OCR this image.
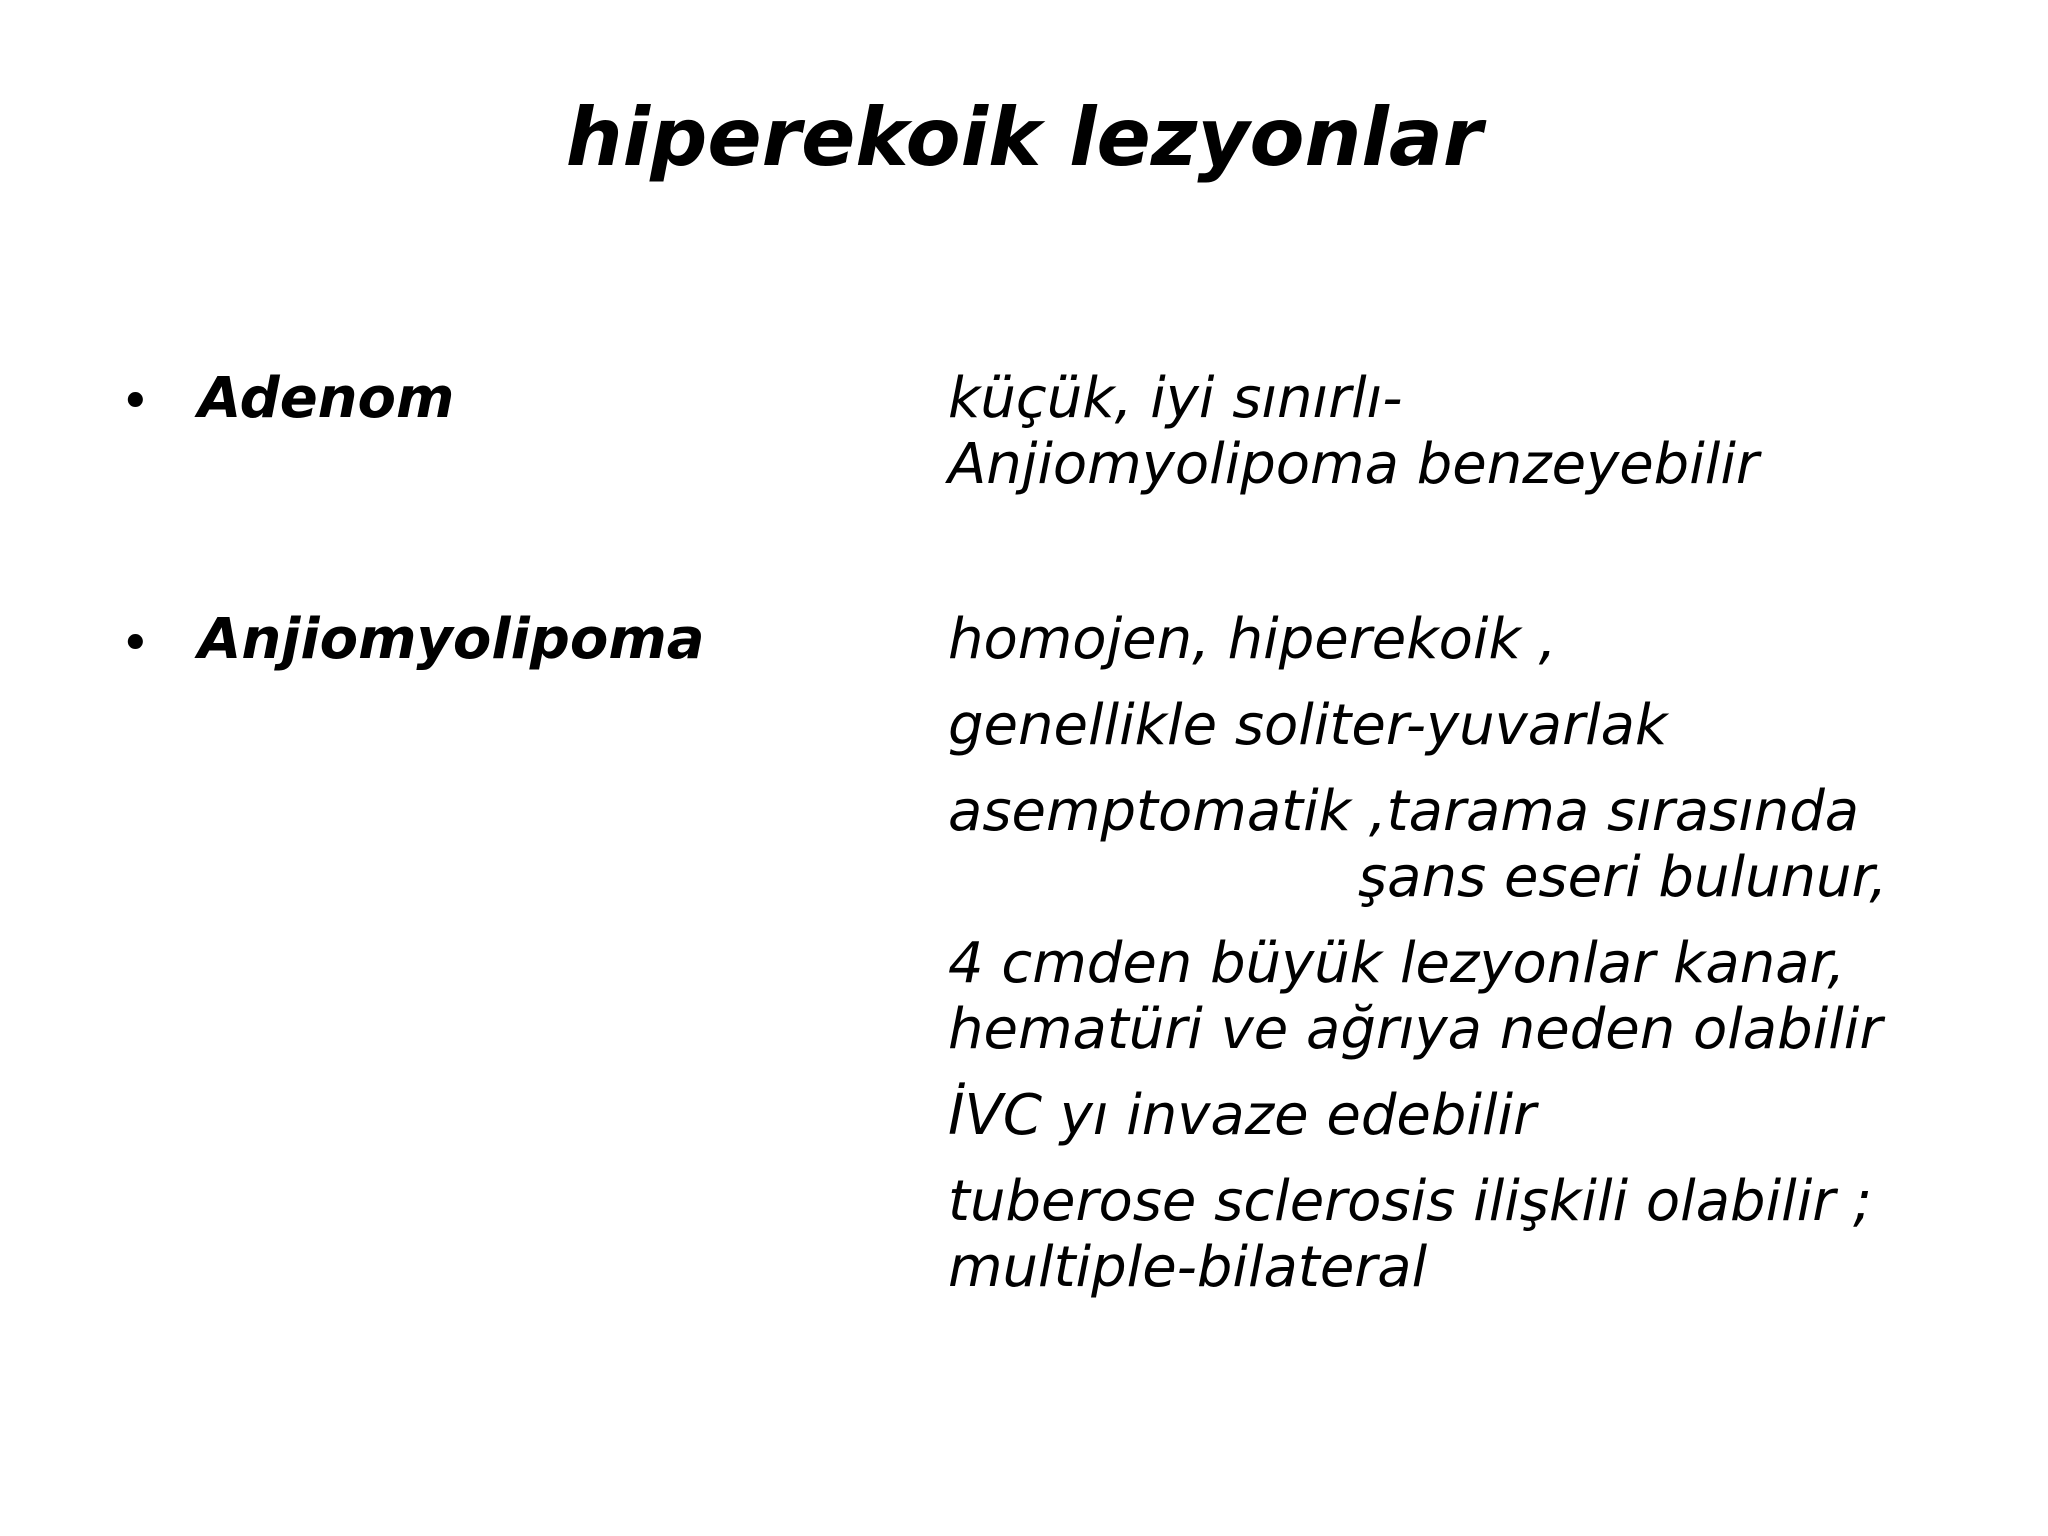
hiperekoik lezyonlar
• Adenom	küçük, iyi sınırlı-
Anjiomyolipoma benzeyebilir
• Anjiomyolipoma	homojen, hiperekoik ,
genellikle soliter-yuvarlak
asemptomatik ,tarama sırasında
şans eseri bulunur,
4 cmden büyük lezyonlar kanar,
hematüri ve ağrıya neden olabilir
İVC yı invaze edebilir
tuberose sclerosis ilişkili olabilir ;
multiple-bilateral
